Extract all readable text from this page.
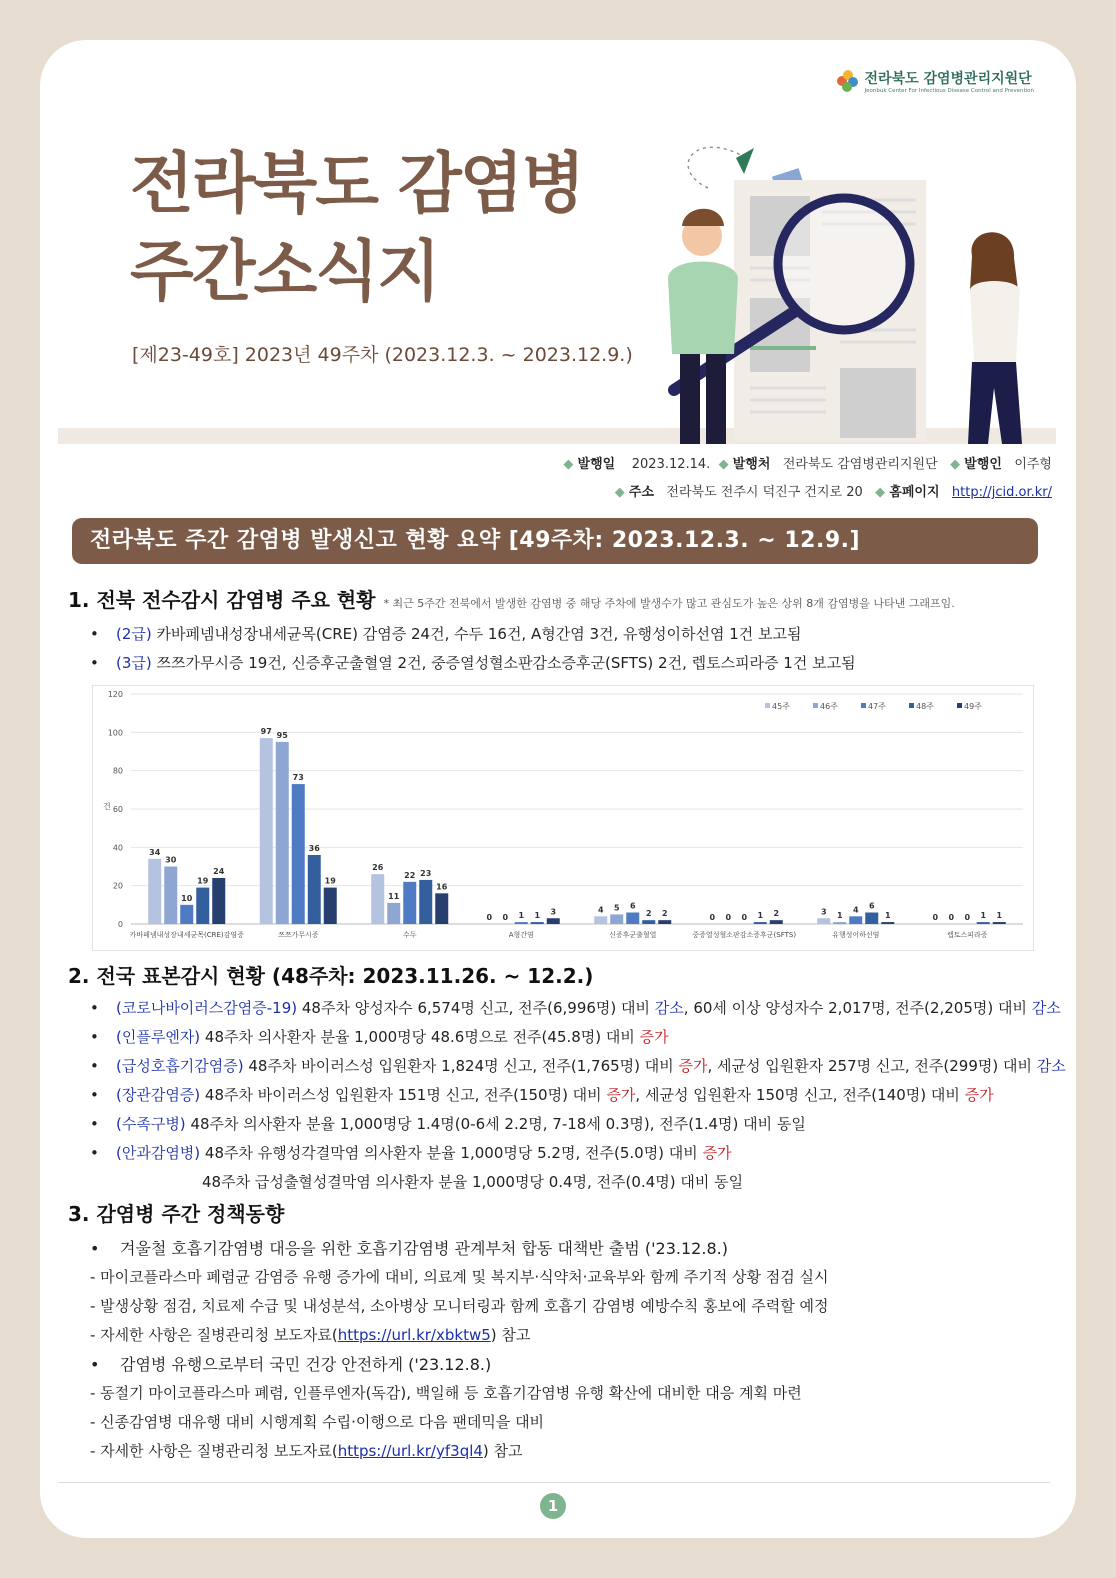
전라북도 감염병관리지원단
Jeonbuk Center For Infectious Disease Control and Prevention
전라북도 감염병
주간소식지
[제23-49호] 2023년 49주차 (2023.12.3. ~ 2023.12.9.)
◆ 발행일 2023.12.14. ◆ 발행처 전라북도 감염병관리지원단 ◆ 발행인 이주형
◆ 주소 전라북도 전주시 덕진구 건지로 20 ◆ 홈페이지 http://jcid.or.kr/
전라북도 주간 감염병 발생신고 현황 요약 [49주차: 2023.12.3. ~ 12.9.]
1. 전북 전수감시 감염병 주요 현황 * 최근 5주간 전북에서 발생한 감염병 중 해당 주차에 발생수가 많고 관심도가 높은 상위 8개 감염병을 나타낸 그래프임.
• (2급) 카바페넴내성장내세균목(CRE) 감염증 24건, 수두 16건, A형간염 3건, 유행성이하선염 1건 보고됨
• (3급) 쯔쯔가무시증 19건, 신증후군출혈열 2건, 중증열성혈소판감소증후군(SFTS) 2건, 렙토스피라증 1건 보고됨
0
20
40
60
80
100
120
건
34
30
10
19
24
카바페넴내성장내세균목(CRE)감염증
97 95
73
36
19
쯔쯔가무시증
26
11
22 23
16
수두
0 0 1 1 3
A형간염
4 5 6
2 2
신증후군출혈열
0 0 0 1 2
중증열성혈소판감소증후군(SFTS)
3 1
4 6
1
유행성이하선염
0 0 0 1 1
렙토스피라증
45주	46주	47주	48주	49주
2. 전국 표본감시 현황 (48주차: 2023.11.26. ~ 12.2.)
• (코로나바이러스감염증-19) 48주차 양성자수 6,574명 신고, 전주(6,996명) 대비 감소, 60세 이상 양성자수 2,017명, 전주(2,205명) 대비 감소
• (인플루엔자) 48주차 의사환자 분율 1,000명당 48.6명으로 전주(45.8명) 대비 증가
• (급성호흡기감염증) 48주차 바이러스성 입원환자 1,824명 신고, 전주(1,765명) 대비 증가, 세균성 입원환자 257명 신고, 전주(299명) 대비 감소
• (장관감염증) 48주차 바이러스성 입원환자 151명 신고, 전주(150명) 대비 증가, 세균성 입원환자 150명 신고, 전주(140명) 대비 증가
• (수족구병) 48주차 의사환자 분율 1,000명당 1.4명(0-6세 2.2명, 7-18세 0.3명), 전주(1.4명) 대비 동일
• (안과감염병) 48주차 유행성각결막염 의사환자 분율 1,000명당 5.2명, 전주(5.0명) 대비 증가
48주차 급성출혈성결막염 의사환자 분율 1,000명당 0.4명, 전주(0.4명) 대비 동일
3. 감염병 주간 정책동향
• 겨울철 호흡기감염병 대응을 위한 호흡기감염병 관계부처 합동 대책반 출범 ('23.12.8.)
- 마이코플라스마 폐렴균 감염증 유행 증가에 대비, 의료계 및 복지부·식약처·교육부와 함께 주기적 상황 점검 실시
- 발생상황 점검, 치료제 수급 및 내성분석, 소아병상 모니터링과 함께 호흡기 감염병 예방수칙 홍보에 주력할 예정
- 자세한 사항은 질병관리청 보도자료(https://url.kr/xbktw5) 참고
• 감염병 유행으로부터 국민 건강 안전하게 ('23.12.8.)
- 동절기 마이코플라스마 폐렴, 인플루엔자(독감), 백일해 등 호흡기감염병 유행 확산에 대비한 대응 계획 마련
- 신종감염병 대유행 대비 시행계획 수립·이행으로 다음 팬데믹을 대비
- 자세한 사항은 질병관리청 보도자료(https://url.kr/yf3ql4) 참고
1
